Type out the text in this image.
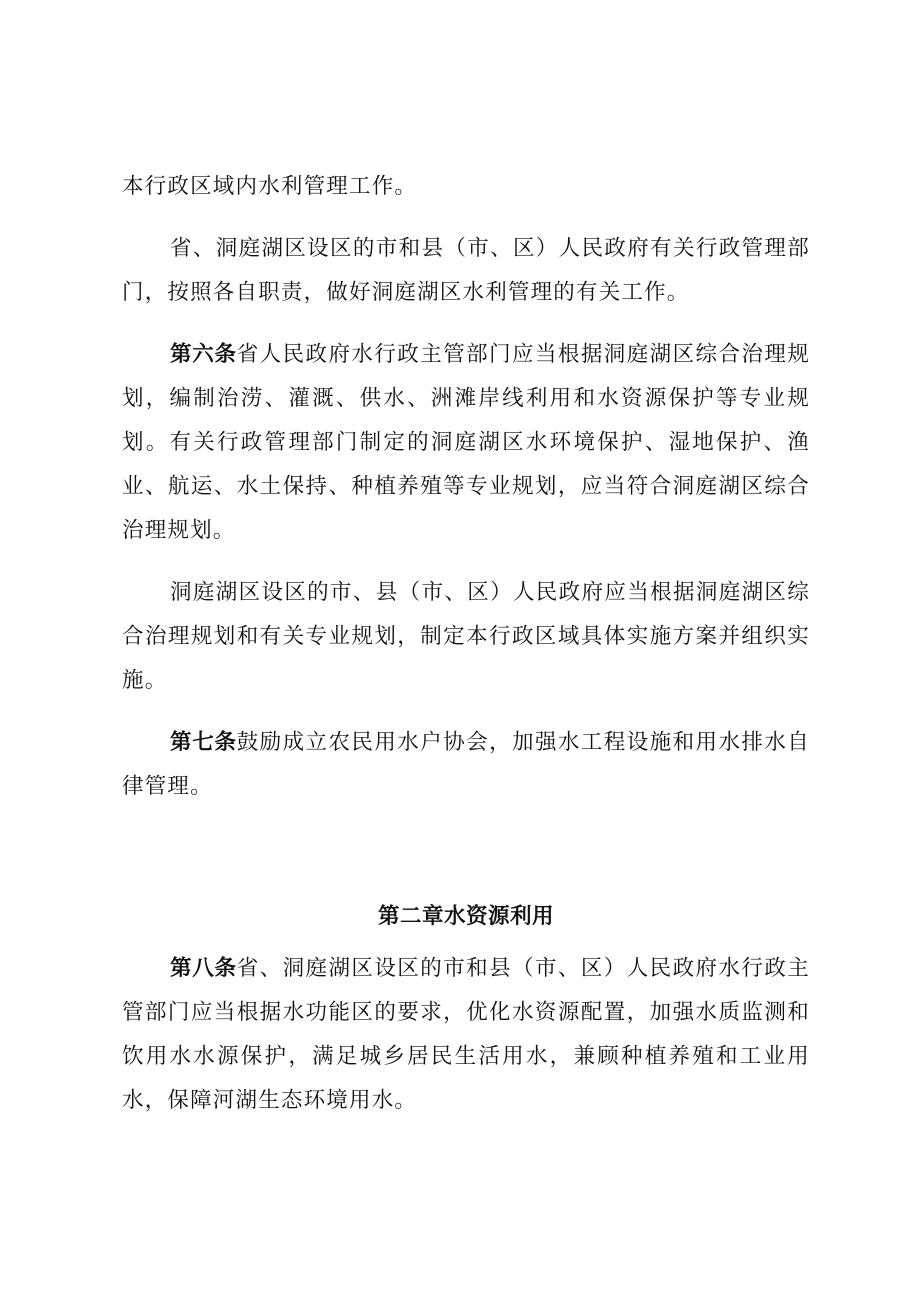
本行政区域内水利管理工作。

省、洞庭湖区设区的市和县（市、区）人民政府有关行政管理部门，按照各自职责，做好洞庭湖区水利管理的有关工作。

第六条省人民政府水行政主管部门应当根据洞庭湖区综合治理规划，编制治涝、灌溉、供水、洲滩岸线利用和水资源保护等专业规划。有关行政管理部门制定的洞庭湖区水环境保护、湿地保护、渔业、航运、水土保持、种植养殖等专业规划，应当符合洞庭湖区综合治理规划。

洞庭湖区设区的市、县（市、区）人民政府应当根据洞庭湖区综合治理规划和有关专业规划，制定本行政区域具体实施方案并组织实施。

第七条鼓励成立农民用水户协会，加强水工程设施和用水排水自律管理。

第二章水资源利用

第八条省、洞庭湖区设区的市和县（市、区）人民政府水行政主管部门应当根据水功能区的要求，优化水资源配置，加强水质监测和饮用水水源保护，满足城乡居民生活用水，兼顾种植养殖和工业用水，保障河湖生态环境用水。
